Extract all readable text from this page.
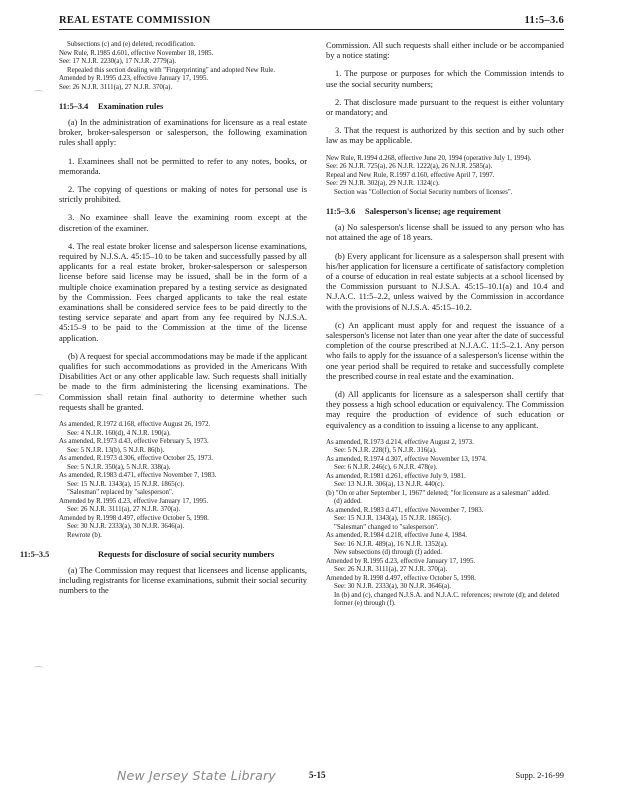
REAL ESTATE COMMISSION	11:5–3.6

Subsections (c) and (e) deleted, recodification.

New Rule, R.1985 d.601, effective November 18, 1985.

See: 17 N.J.R. 2230(a), 17 N.J.R. 2779(a).

Repealed this section dealing with "Fingerprinting" and adopted New Rule.

Amended by R.1995 d.23, effective January 17, 1995.

See: 26 N.J.R. 3111(a), 27 N.J.R. 370(a).

11:5–3.4 Examination rules

(a) In the administration of examinations for licensure as a real estate broker, broker-salesperson or salesperson, the following examination rules shall apply:

1. Examinees shall not be permitted to refer to any notes, books, or memoranda.

2. The copying of questions or making of notes for personal use is strictly prohibited.

3. No examinee shall leave the examining room except at the discretion of the examiner.

4. The real estate broker license and salesperson license examinations, required by N.J.S.A. 45:15–10 to be taken and successfully passed by all applicants for a real estate broker, broker-salesperson or salesperson license before said license may be issued, shall be in the form of a multiple choice examination prepared by a testing service as designated by the Commission. Fees charged applicants to take the real estate examinations shall be considered service fees to be paid directly to the testing service separate and apart from any fee required by N.J.S.A. 45:15–9 to be paid to the Commission at the time of the license application.

(b) A request for special accommodations may be made if the applicant qualifies for such accommodations as provided in the Americans With Disabilities Act or any other applicable law. Such requests shall initially be made to the firm administering the licensing examinations. The Commission shall retain final authority to determine whether such requests shall be granted.

As amended, R.1972 d.168, effective August 26, 1972.

See: 4 N.J.R. 160(d), 4 N.J.R. 190(a).

As amended, R.1973 d.43, effective February 5, 1973.

See: 5 N.J.R. 13(b), 5 N.J.R. 86(b).

As amended, R.1973 d.306, effective October 25, 1973.

See: 5 N.J.R. 350(a), 5 N.J.R. 338(a).

As amended, R.1983 d.471, effective November 7, 1983.

See: 15 N.J.R. 1343(a), 15 N.J.R. 1865(c).

"Salesman" replaced by "salesperson".

Amended by R.1995 d.23, effective January 17, 1995.

See: 26 N.J.R. 3111(a), 27 N.J.R. 370(a).

Amended by R.1998 d.497, effective October 5, 1998.

See: 30 N.J.R. 2333(a), 30 N.J.R. 3646(a).

Rewrote (b).

11:5–3.5	Requests for disclosure of social security numbers

(a) The Commission may request that licensees and license applicants, including registrants for license examinations, submit their social security numbers to the

Commission. All such requests shall either include or be accompanied by a notice stating:

1. The purpose or purposes for which the Commission intends to use the social security numbers;

2. That disclosure made pursuant to the request is either voluntary or mandatory; and

3. That the request is authorized by this section and by such other law as may be applicable.

New Rule, R.1994 d.268, effective June 20, 1994 (operative July 1, 1994).

See: 26 N.J.R. 725(a), 26 N.J.R. 1222(a), 26 N.J.R. 2585(a).

Repeal and New Rule, R.1997 d.160, effective April 7, 1997.

See: 29 N.J.R. 302(a), 29 N.J.R. 1324(c).

Section was "Collection of Social Security numbers of licenses".

11:5–3.6 Salesperson's license; age requirement

(a) No salesperson's license shall be issued to any person who has not attained the age of 18 years.

(b) Every applicant for licensure as a salesperson shall present with his/her application for licensure a certificate of satisfactory completion of a course of education in real estate subjects at a school licensed by the Commission pursuant to N.J.S.A. 45:15–10.1(a) and 10.4 and N.J.A.C. 11:5–2.2, unless waived by the Commission in accordance with the provisions of N.J.S.A. 45:15–10.2.

(c) An applicant must apply for and request the issuance of a salesperson's license not later than one year after the date of successful completion of the course prescribed at N.J.A.C. 11:5–2.1. Any person who fails to apply for the issuance of a salesperson's license within the one year period shall be required to retake and successfully complete the prescribed course in real estate and the examination.

(d) All applicants for licensure as a salesperson shall certify that they possess a high school education or equivalency. The Commission may require the production of evidence of such education or equivalency as a condition to issuing a license to any applicant.

As amended, R.1973 d.214, effective August 2, 1973.

See: 5 N.J.R. 228(f), 5 N.J.R. 316(a).

As amended, R.1974 d.307, effective November 13, 1974.

See: 6 N.J.R. 246(c), 6 N.J.R. 478(e).

As amended, R.1981 d.261, effective July 9, 1981.

See: 13 N.J.R. 306(a), 13 N.J.R. 440(c).

(b) "On or after September 1, 1967" deleted; "for licensure as a salesman" added.

(d) added.

As amended, R.1983 d.471, effective November 7, 1983.

See: 15 N.J.R. 1343(a), 15 N.J.R. 1865(c).

"Salesman" changed to "salesperson".

As amended, R.1984 d.218, effective June 4, 1984.

See: 16 N.J.R. 489(a), 16 N.J.R. 1352(a).

New subsections (d) through (f) added.

Amended by R.1995 d.23, effective January 17, 1995.

See: 26 N.J.R. 3111(a), 27 N.J.R. 370(a).

Amended by R.1998 d.497, effective October 5, 1998.

See: 30 N.J.R. 2333(a), 30 N.J.R. 3646(a).

In (b) and (c), changed N.J.S.A. and N.J.A.C. references; rewrote (d); and deleted former (e) through (f).

⌒
⌒
⌒
New Jersey State Library	5-15	Supp. 2-16-99
